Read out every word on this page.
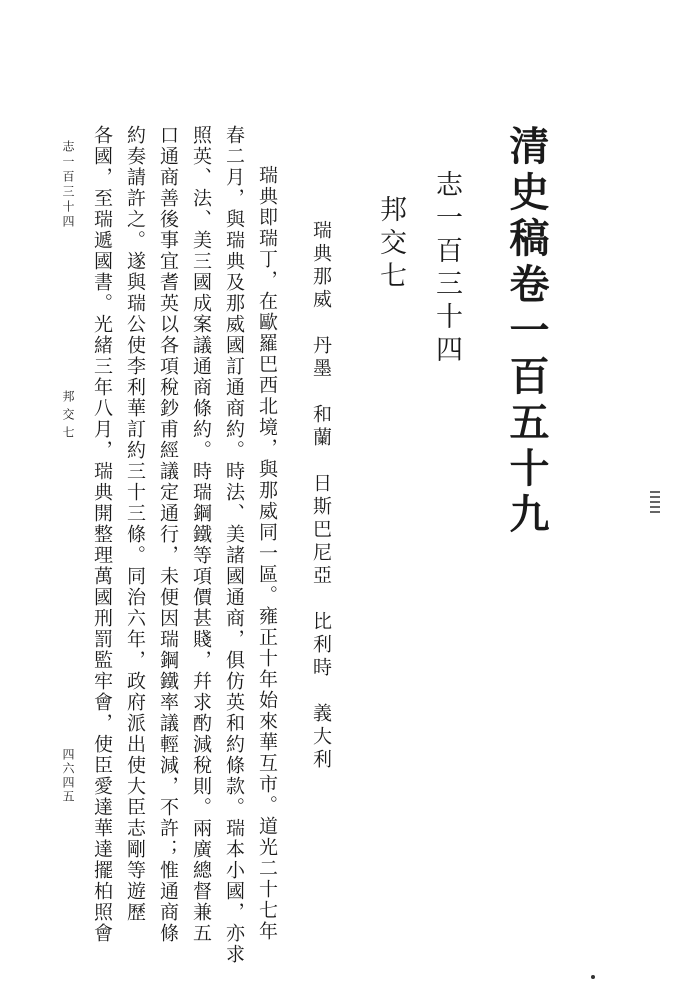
清史稿卷一百五十九
志一百三十四
邦交七
瑞典那威　丹墨　和蘭　日斯巴尼亞　比利時　義大利
瑞典即瑞丁，在歐羅巴西北境，與那威同一區。雍正十年始來華互市。道光二十七年
春二月，與瑞典及那威國訂通商約。時法、美諸國通商，俱仿英和約條款。瑞本小國，亦求
照英、法、美三國成案議通商條約。時瑞鋼鐵等項價甚賤，幷求酌減稅則。兩廣總督兼五
口通商善後事宜耆英以各項稅鈔甫經議定通行，未便因瑞鋼鐵率議輕減，不許；惟通商條
約奏請許之。遂與瑞公使李利華訂約三十三條。同治六年，政府派出使大臣志剛等遊歷
各國，至瑞遞國書。光緒三年八月，瑞典開整理萬國刑罰監牢會，使臣愛達華達擺柏照會
志一百三十四
邦交七
四六四五
